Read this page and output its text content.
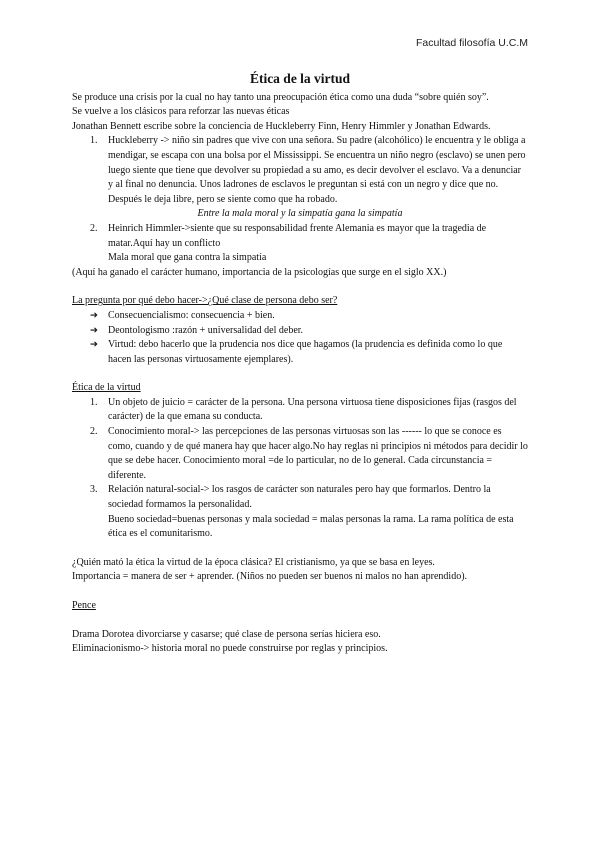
Facultad filosofía U.C.M
Ética de la virtud

Se produce una crisis por la cual no hay tanto una preocupación ética como una duda “sobre quién soy”.

Se vuelve a los clásicos para reforzar las nuevas éticas

Jonathan Bennett escribe sobre la conciencia de Huckleberry Finn, Henry Himmler y Jonathan Edwards.

1. Huckleberry -> niño sin padres que vive con una señora. Su padre (alcohólico) le encuentra y le obliga a mendigar, se escapa con una bolsa por el Mississippi. Se encuentra un niño negro (esclavo) se unen pero luego siente que tiene que devolver su propiedad a su amo, es decir devolver el esclavo. Va a denunciar y al final no denuncia. Unos ladrones de esclavos le preguntan si está con un negro y dice que no. Después le deja libre, pero se siente como que ha robado.
Entre la mala moral y la simpatía gana la simpatía
2. Heinrich Himmler->siente que su responsabilidad frente Alemania es mayor que la tragedia de matar.Aquí hay un conflicto
Mala moral que gana contra la simpatía

(Aquí ha ganado el carácter humano, importancia de la psicologías que surge en el siglo XX.)

La pregunta por qué debo hacer->¿Qué clase de persona debo ser?

➔ Consecuencialismo: consecuencia + bien.
➔ Deontologismo :razón + universalidad del deber.
➔ Virtud: debo hacerlo que la prudencia nos dice que hagamos (la prudencia es definida como lo que hacen las personas virtuosamente ejemplares).

Ética de la virtud

1. Un objeto de juicio = carácter de la persona. Una persona virtuosa tiene disposiciones fijas (rasgos del carácter) de la que emana su conducta.
2. Conocimiento moral-> las percepciones de las personas virtuosas son las ------ lo que se conoce es como, cuando y de qué manera hay que hacer algo.No hay reglas ni principios ni métodos para decidir lo que se debe hacer. Conocimiento moral =de lo particular, no de lo general. Cada circunstancia = diferente.
3. Relación natural-social-> los rasgos de carácter son naturales pero hay que formarlos. Dentro la sociedad formamos la personalidad.
Bueno sociedad=buenas personas y mala sociedad = malas personas la rama. La rama política de esta ética es el comunitarismo.

¿Quién mató la ética la virtud de la época clásica? El cristianismo, ya que se basa en leyes.

Importancia = manera de ser + aprender. (Niños no pueden ser buenos ni malos no han aprendido).

Pence

Drama Dorotea divorciarse y casarse; qué clase de persona serías hiciera eso.

Eliminacionismo-> historia moral no puede construirse por reglas y principios.
